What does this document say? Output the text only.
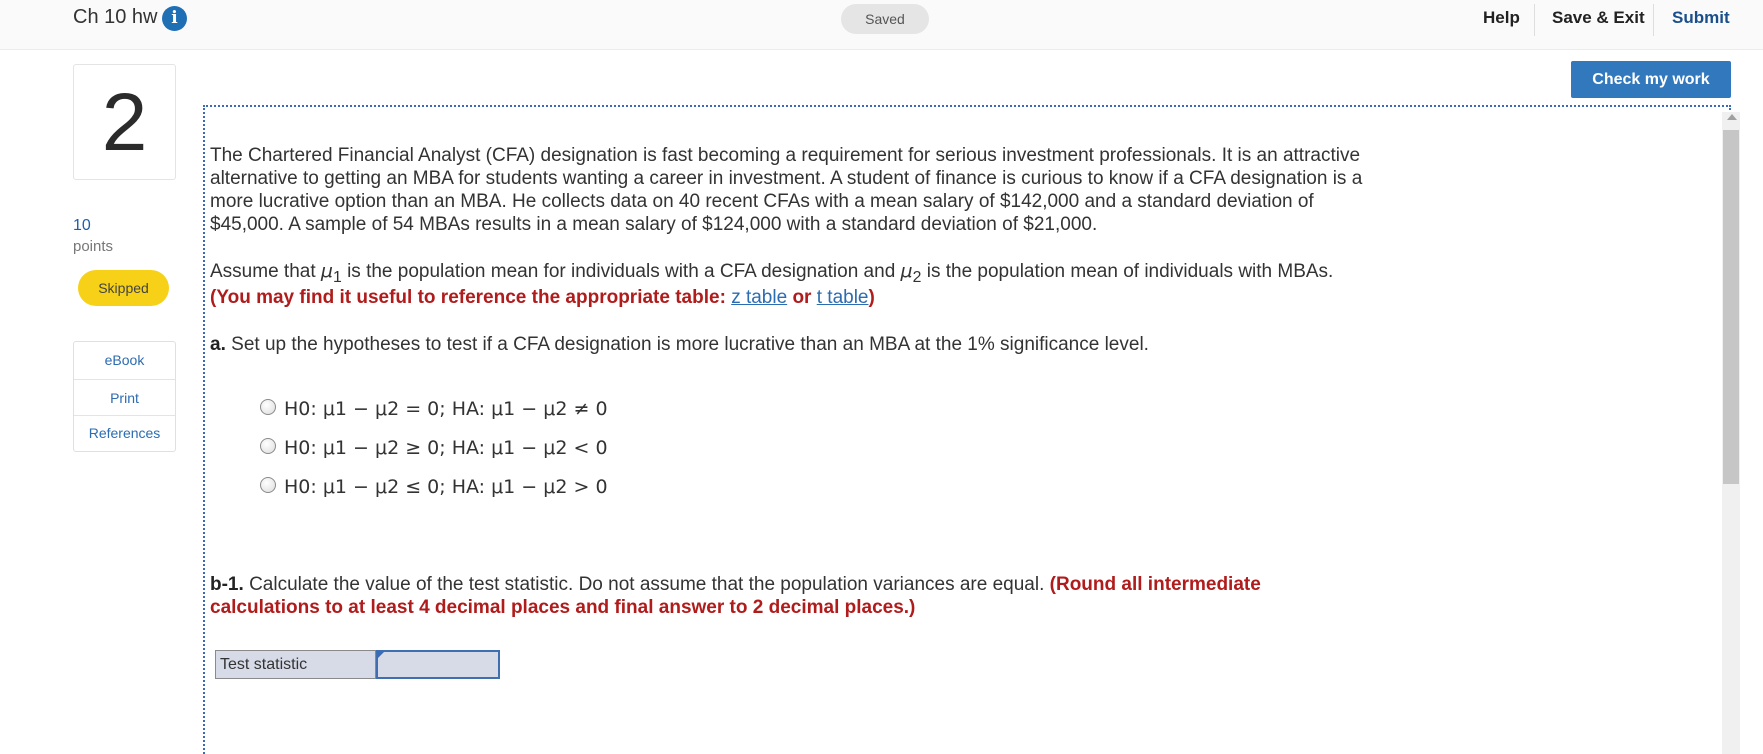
Ch 10 hw i	Saved	Help Save & Exit Submit
2
10
points
Skipped
eBook
Print
References
Check my work
The Chartered Financial Analyst (CFA) designation is fast becoming a requirement for serious investment professionals. It is an attractive alternative to getting an MBA for students wanting a career in investment. A student of finance is curious to know if a CFA designation is a more lucrative option than an MBA. He collects data on 40 recent CFAs with a mean salary of $142,000 and a standard deviation of $45,000. A sample of 54 MBAs results in a mean salary of $124,000 with a standard deviation of $21,000.
Assume that $\mu_1$ is the population mean for individuals with a CFA designation and $\mu_2$ is the population mean of individuals with MBAs.
(You may find it useful to reference the appropriate table: z table or t table)
a. Set up the hypotheses to test if a CFA designation is more lucrative than an MBA at the 1% significance level.
H0: μ1 − μ2 = 0; HA: μ1 − μ2 ≠ 0
H0: μ1 − μ2 ≥ 0; HA: μ1 − μ2 < 0
H0: μ1 − μ2 ≤ 0; HA: μ1 − μ2 > 0
b-1. Calculate the value of the test statistic. Do not assume that the population variances are equal. (Round all intermediate calculations to at least 4 decimal places and final answer to 2 decimal places.)
Test statistic
